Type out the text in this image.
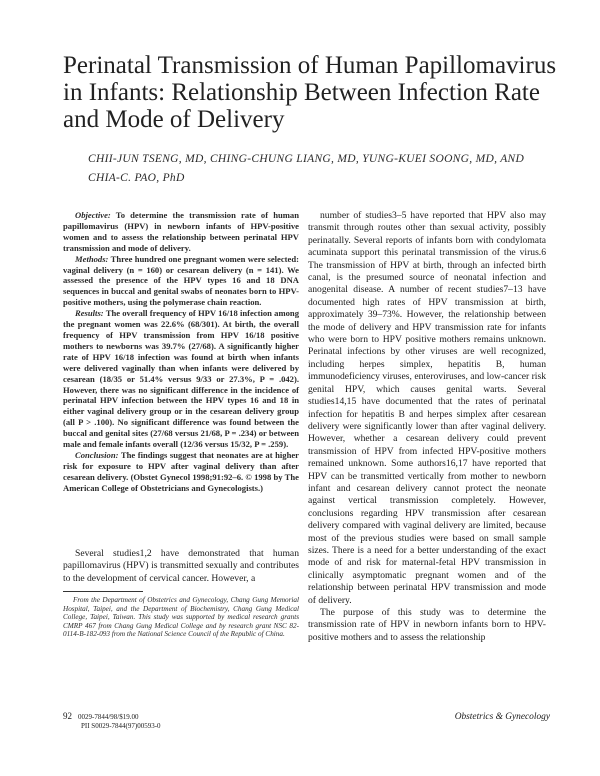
Perinatal Transmission of Human Papillomavirus in Infants: Relationship Between Infection Rate and Mode of Delivery

CHII-JUN TSENG, MD, CHING-CHUNG LIANG, MD, YUNG-KUEI SOONG, MD, AND

CHIA-C. PAO, PhD

Objective: To determine the transmission rate of human papillomavirus (HPV) in newborn infants of HPV-positive women and to assess the relationship between perinatal HPV transmission and mode of delivery.

Methods: Three hundred one pregnant women were selected: vaginal delivery (n = 160) or cesarean delivery (n = 141). We assessed the presence of the HPV types 16 and 18 DNA sequences in buccal and genital swabs of neonates born to HPV-positive mothers, using the polymerase chain reaction.

Results: The overall frequency of HPV 16/18 infection among the pregnant women was 22.6% (68/301). At birth, the overall frequency of HPV transmission from HPV 16/18 positive mothers to newborns was 39.7% (27/68). A significantly higher rate of HPV 16/18 infection was found at birth when infants were delivered vaginally than when infants were delivered by cesarean (18/35 or 51.4% versus 9/33 or 27.3%, P = .042). However, there was no significant difference in the incidence of perinatal HPV infection between the HPV types 16 and 18 in either vaginal delivery group or in the cesarean delivery group (all P > .100). No significant difference was found between the buccal and genital sites (27/68 versus 21/68, P = .234) or between male and female infants overall (12/36 versus 15/32, P = .259).

Conclusion: The findings suggest that neonates are at higher risk for exposure to HPV after vaginal delivery than after cesarean delivery. (Obstet Gynecol 1998;91:92–6. © 1998 by The American College of Obstetricians and Gynecologists.)

Several studies1,2 have demonstrated that human papillomavirus (HPV) is transmitted sexually and contributes to the development of cervical cancer. However, a

From the Department of Obstetrics and Gynecology, Chang Gung Memorial Hospital, Taipei, and the Department of Biochemistry, Chang Gung Medical College, Taipei, Taiwan. This study was supported by medical research grants CMRP 467 from Chang Gung Medical College and by research grant NSC 82-0114-B-182-093 from the National Science Council of the Republic of China.

number of studies3–5 have reported that HPV also may transmit through routes other than sexual activity, possibly perinatally. Several reports of infants born with condylomata acuminata support this perinatal transmission of the virus.6 The transmission of HPV at birth, through an infected birth canal, is the presumed source of neonatal infection and anogenital disease. A number of recent studies7–13 have documented high rates of HPV transmission at birth, approximately 39–73%. However, the relationship between the mode of delivery and HPV transmission rate for infants who were born to HPV positive mothers remains unknown. Perinatal infections by other viruses are well recognized, including herpes simplex, hepatitis B, human immunodeficiency viruses, enteroviruses, and low-cancer risk genital HPV, which causes genital warts. Several studies14,15 have documented that the rates of perinatal infection for hepatitis B and herpes simplex after cesarean delivery were significantly lower than after vaginal delivery. However, whether a cesarean delivery could prevent transmission of HPV from infected HPV-positive mothers remained unknown. Some authors16,17 have reported that HPV can be transmitted vertically from mother to newborn infant and cesarean delivery cannot protect the neonate against vertical transmission completely. However, conclusions regarding HPV transmission after cesarean delivery compared with vaginal delivery are limited, because most of the previous studies were based on small sample sizes. There is a need for a better understanding of the exact mode of and risk for maternal-fetal HPV transmission in clinically asymptomatic pregnant women and of the relationship between perinatal HPV transmission and mode of delivery.

The purpose of this study was to determine the transmission rate of HPV in newborn infants born to HPV-positive mothers and to assess the relationship

92 0029-7844/98/$19.00
PII S0029-7844(97)00593-0
Obstetrics & Gynecology
